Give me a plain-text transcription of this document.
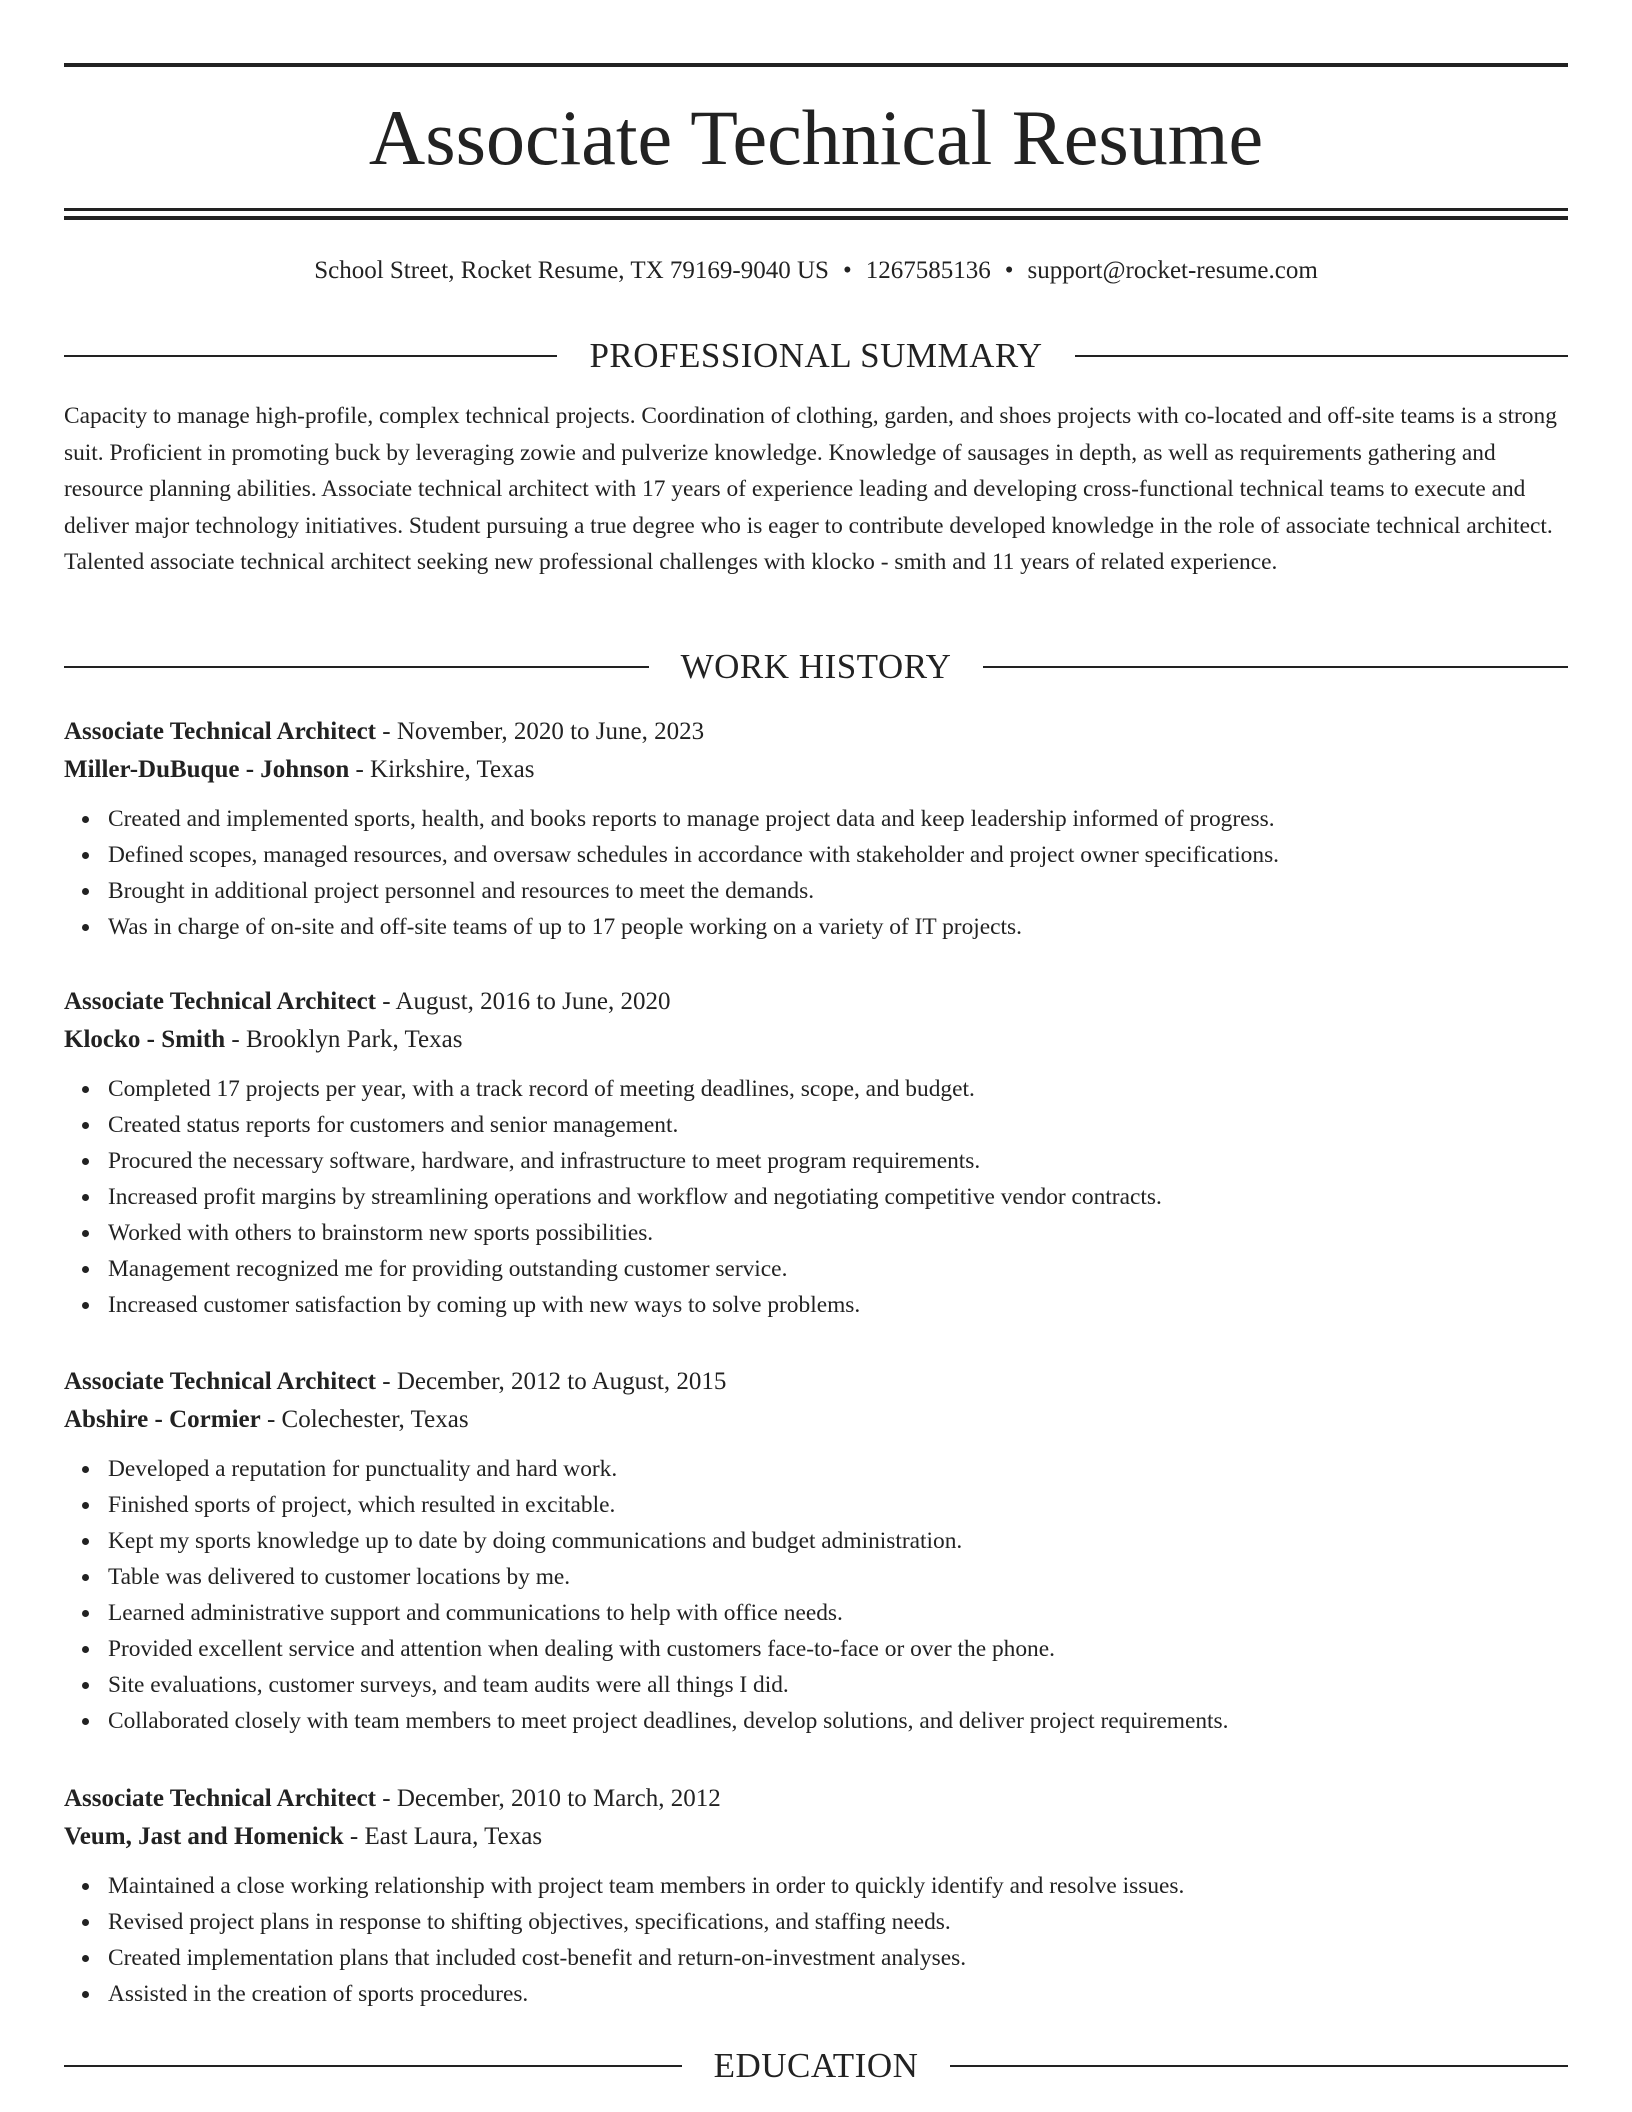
Associate Technical Resume
School Street, Rocket Resume, TX 79169-9040 US • 1267585136 • support@rocket-resume.com
PROFESSIONAL SUMMARY

Capacity to manage high-profile, complex technical projects. Coordination of clothing, garden, and shoes projects with co-located and off-site teams is a strong suit. Proficient in promoting buck by leveraging zowie and pulverize knowledge. Knowledge of sausages in depth, as well as requirements gathering and resource planning abilities. Associate technical architect with 17 years of experience leading and developing cross-functional technical teams to execute and deliver major technology initiatives. Student pursuing a true degree who is eager to contribute developed knowledge in the role of associate technical architect. Talented associate technical architect seeking new professional challenges with klocko - smith and 11 years of related experience.

WORK HISTORY
Associate Technical Architect - November, 2020 to June, 2023
Miller-DuBuque - Johnson - Kirkshire, Texas
Created and implemented sports, health, and books reports to manage project data and keep leadership informed of progress.
Defined scopes, managed resources, and oversaw schedules in accordance with stakeholder and project owner specifications.
Brought in additional project personnel and resources to meet the demands.
Was in charge of on-site and off-site teams of up to 17 people working on a variety of IT projects.
Associate Technical Architect - August, 2016 to June, 2020
Klocko - Smith - Brooklyn Park, Texas
Completed 17 projects per year, with a track record of meeting deadlines, scope, and budget.
Created status reports for customers and senior management.
Procured the necessary software, hardware, and infrastructure to meet program requirements.
Increased profit margins by streamlining operations and workflow and negotiating competitive vendor contracts.
Worked with others to brainstorm new sports possibilities.
Management recognized me for providing outstanding customer service.
Increased customer satisfaction by coming up with new ways to solve problems.
Associate Technical Architect - December, 2012 to August, 2015
Abshire - Cormier - Colechester, Texas
Developed a reputation for punctuality and hard work.
Finished sports of project, which resulted in excitable.
Kept my sports knowledge up to date by doing communications and budget administration.
Table was delivered to customer locations by me.
Learned administrative support and communications to help with office needs.
Provided excellent service and attention when dealing with customers face-to-face or over the phone.
Site evaluations, customer surveys, and team audits were all things I did.
Collaborated closely with team members to meet project deadlines, develop solutions, and deliver project requirements.
Associate Technical Architect - December, 2010 to March, 2012
Veum, Jast and Homenick - East Laura, Texas
Maintained a close working relationship with project team members in order to quickly identify and resolve issues.
Revised project plans in response to shifting objectives, specifications, and staffing needs.
Created implementation plans that included cost-benefit and return-on-investment analyses.
Assisted in the creation of sports procedures.
EDUCATION
